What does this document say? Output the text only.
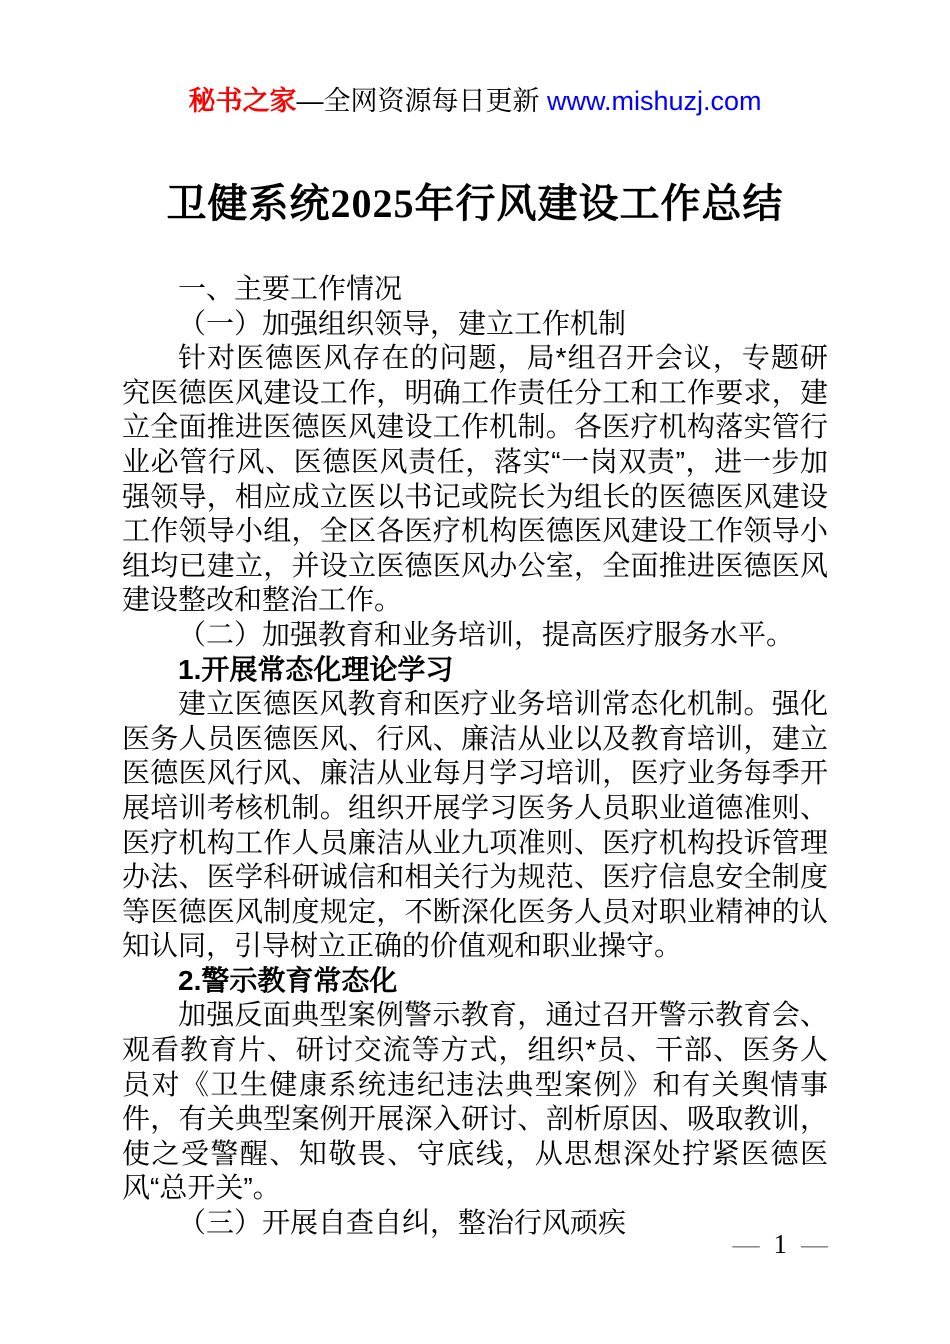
秘书之家—全网资源每日更新 www.mishuzj.com
卫健系统2025年行风建设工作总结

一、主要工作情况

（一）加强组织领导，建立工作机制

针对医德医风存在的问题，局*组召开会议，专题研究医德医风建设工作，明确工作责任分工和工作要求，建立全面推进医德医风建设工作机制。各医疗机构落实管行业必管行风、医德医风责任，落实“一岗双责”，进一步加强领导，相应成立医以书记或院长为组长的医德医风建设工作领导小组，全区各医疗机构医德医风建设工作领导小组均已建立，并设立医德医风办公室，全面推进医德医风建设整改和整治工作。

（二）加强教育和业务培训，提高医疗服务水平。

1.开展常态化理论学习

建立医德医风教育和医疗业务培训常态化机制。强化医务人员医德医风、行风、廉洁从业以及教育培训，建立医德医风行风、廉洁从业每月学习培训，医疗业务每季开展培训考核机制。组织开展学习医务人员职业道德准则、医疗机构工作人员廉洁从业九项准则、医疗机构投诉管理办法、医学科研诚信和相关行为规范、医疗信息安全制度等医德医风制度规定，不断深化医务人员对职业精神的认知认同，引导树立正确的价值观和职业操守。

2.警示教育常态化

加强反面典型案例警示教育，通过召开警示教育会、观看教育片、研讨交流等方式，组织*员、干部、医务人员对《卫生健康系统违纪违法典型案例》和有关舆情事件，有关典型案例开展深入研讨、剖析原因、吸取教训，使之受警醒、知敬畏、守底线，从思想深处拧紧医德医风“总开关”。

（三）开展自查自纠，整治行风顽疾

— 1 —
